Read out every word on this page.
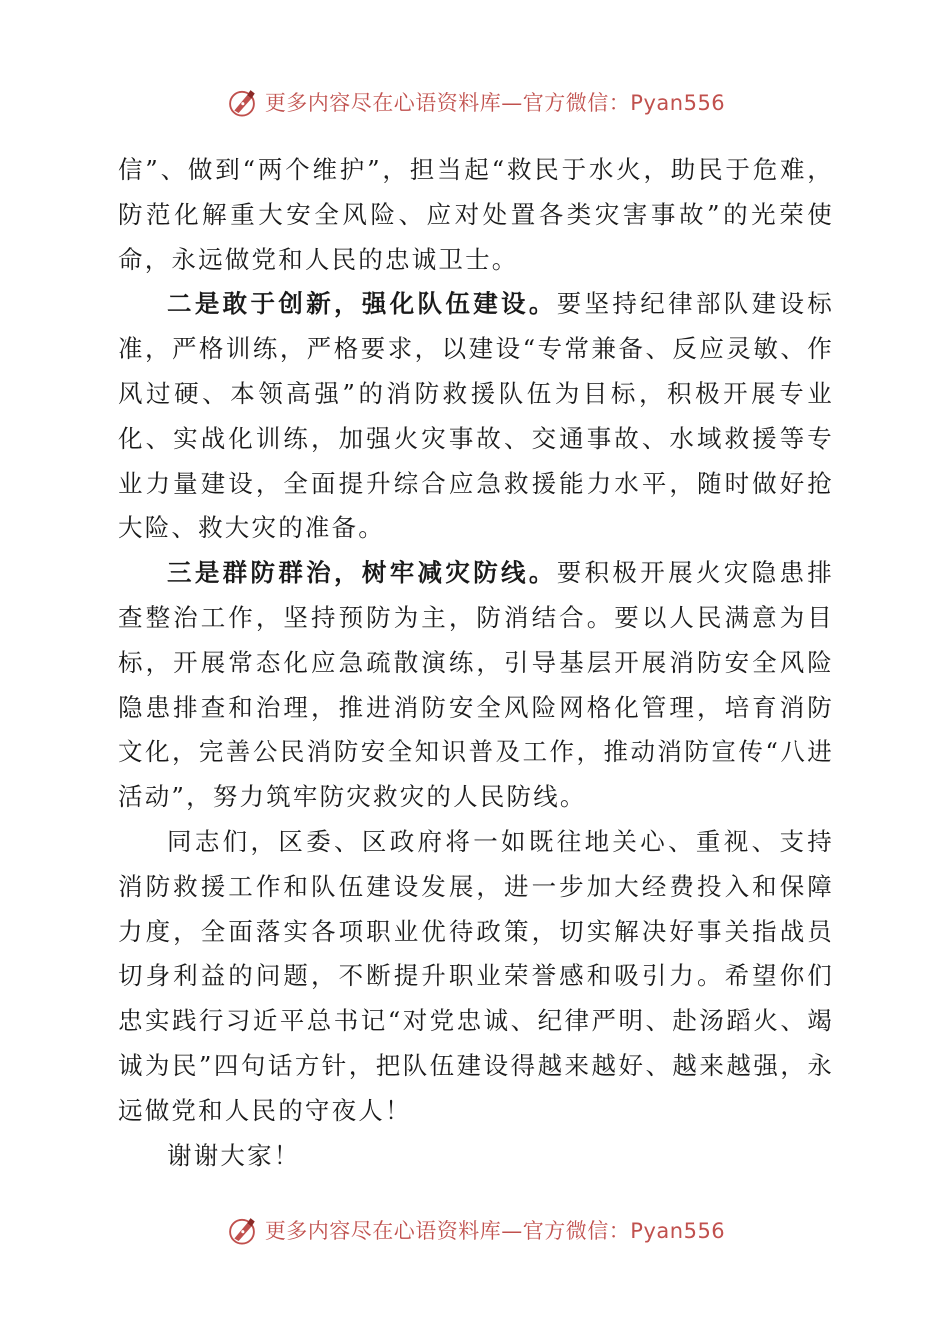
更多内容尽在心语资料库—官方微信：Pyan556

信”、做到“两个维护”，担当起“救民于水火，助民于危难，防范化解重大安全风险、应对处置各类灾害事故”的光荣使命，永远做党和人民的忠诚卫士。

二是敢于创新，强化队伍建设。要坚持纪律部队建设标准，严格训练，严格要求，以建设“专常兼备、反应灵敏、作风过硬、本领高强”的消防救援队伍为目标，积极开展专业化、实战化训练，加强火灾事故、交通事故、水域救援等专业力量建设，全面提升综合应急救援能力水平，随时做好抢大险、救大灾的准备。

三是群防群治，树牢减灾防线。要积极开展火灾隐患排查整治工作，坚持预防为主，防消结合。要以人民满意为目标，开展常态化应急疏散演练，引导基层开展消防安全风险隐患排查和治理，推进消防安全风险网格化管理，培育消防文化，完善公民消防安全知识普及工作，推动消防宣传“八进活动”，努力筑牢防灾救灾的人民防线。

同志们，区委、区政府将一如既往地关心、重视、支持消防救援工作和队伍建设发展，进一步加大经费投入和保障力度，全面落实各项职业优待政策，切实解决好事关指战员切身利益的问题，不断提升职业荣誉感和吸引力。希望你们忠实践行习近平总书记“对党忠诚、纪律严明、赴汤蹈火、竭诚为民”四句话方针，把队伍建设得越来越好、越来越强，永远做党和人民的守夜人！

谢谢大家！

更多内容尽在心语资料库—官方微信：Pyan556
